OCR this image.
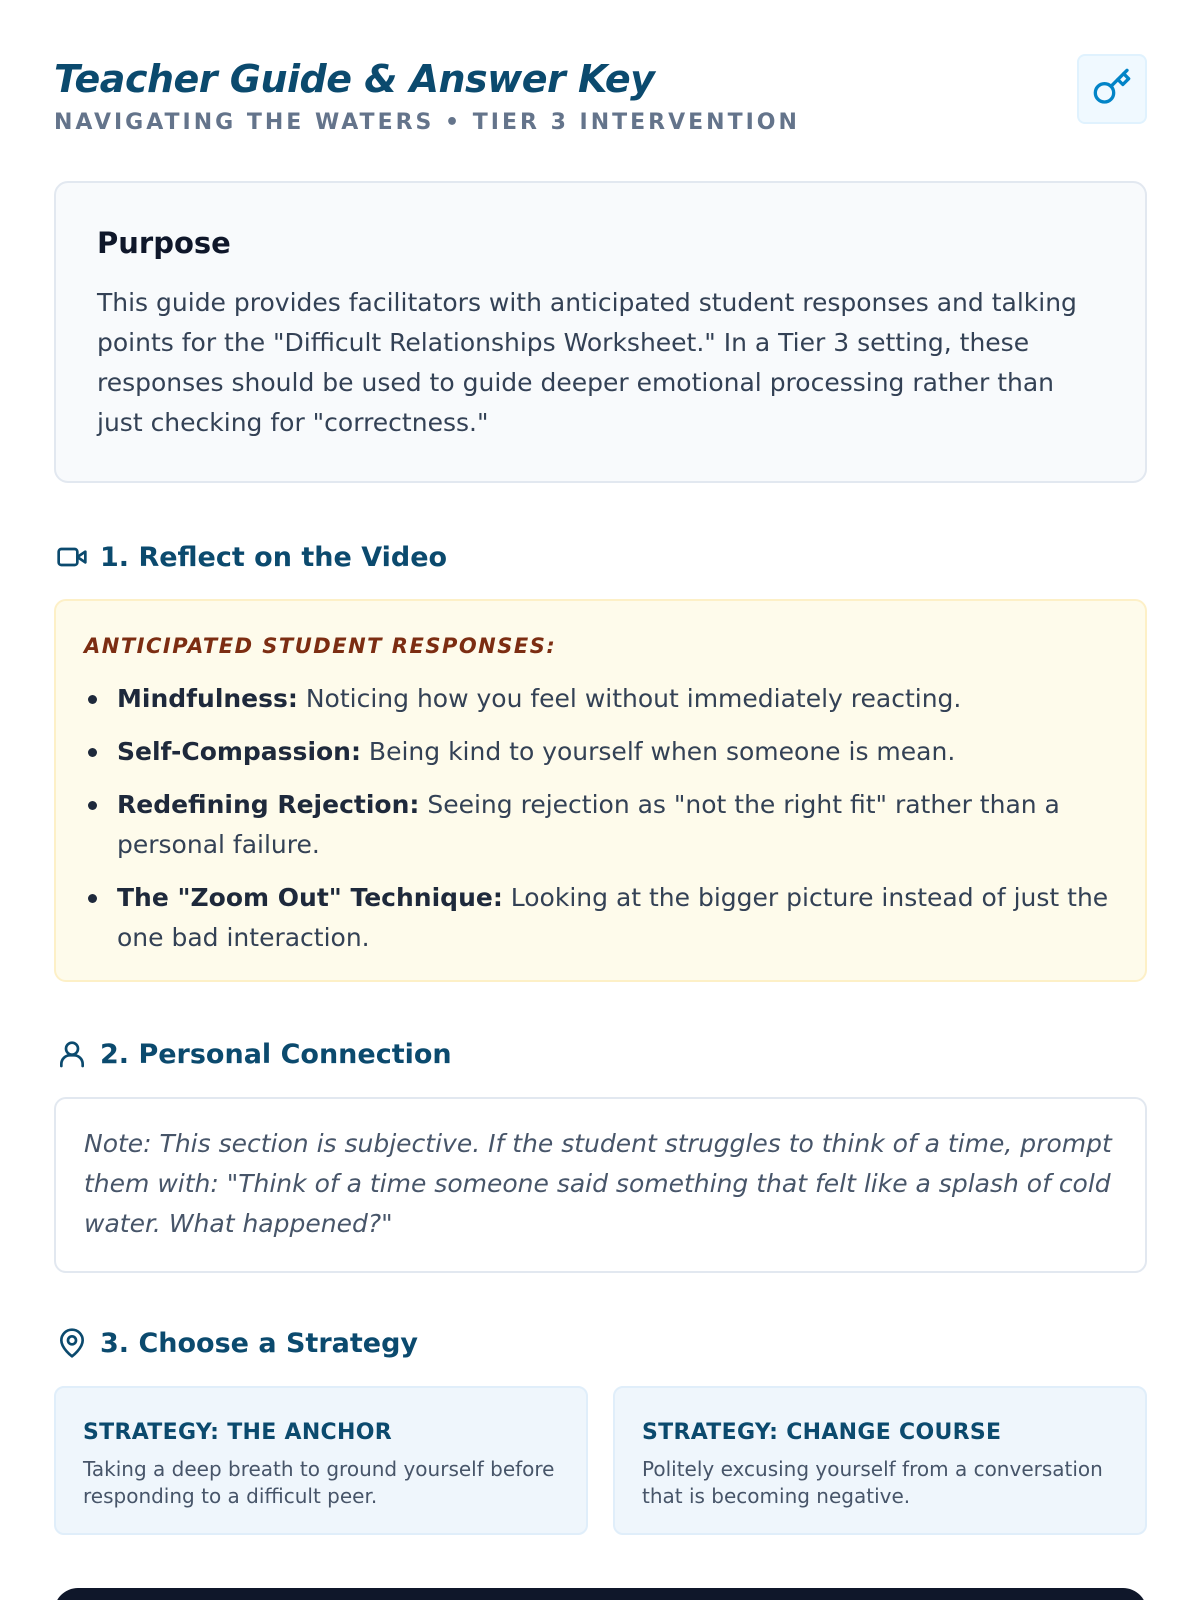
Teacher Guide & Answer Key
NAVIGATING THE WATERS • TIER 3 INTERVENTION
Purpose

This guide provides facilitators with anticipated student responses and talking points for the "Difficult Relationships Worksheet." In a Tier 3 setting, these responses should be used to guide deeper emotional processing rather than just checking for "correctness."

1. Reflect on the Video
ANTICIPATED STUDENT RESPONSES:
Mindfulness: Noticing how you feel without immediately reacting.
Self-Compassion: Being kind to yourself when someone is mean.
Redefining Rejection: Seeing rejection as "not the right fit" rather than a personal failure.
The "Zoom Out" Technique: Looking at the bigger picture instead of just the one bad interaction.
2. Personal Connection

Note: This section is subjective. If the student struggles to think of a time, prompt them with: "Think of a time someone said something that felt like a splash of cold water. What happened?"

3. Choose a Strategy
STRATEGY: THE ANCHOR

Taking a deep breath to ground yourself before responding to a difficult peer.

STRATEGY: CHANGE COURSE

Politely excusing yourself from a conversation that is becoming negative.
